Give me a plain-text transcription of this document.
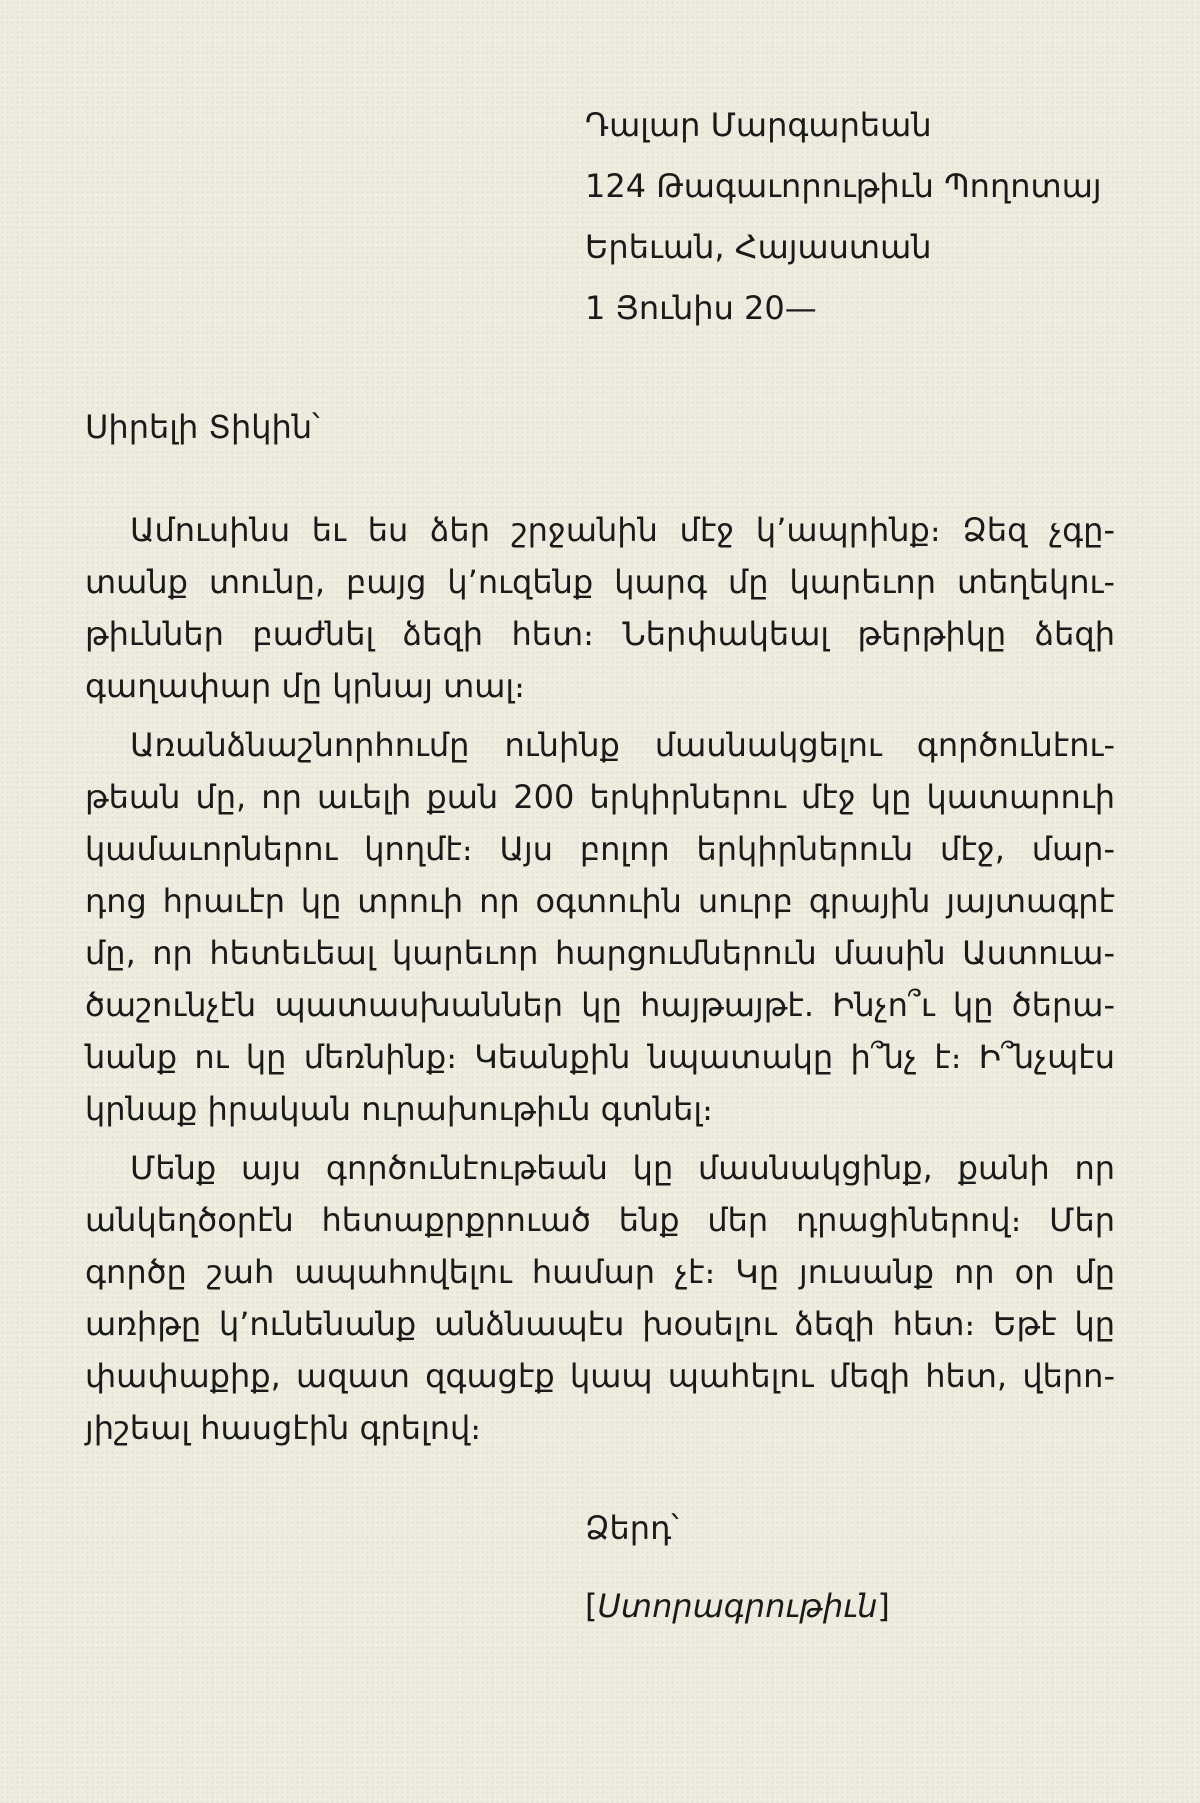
Դալար Մարգարեան
124 Թագաւորութիւն Պողոտայ
Երեւան, Հայաստան
1 Յունիս 20—
Սիրելի Տիկին՝
Ամուսինս եւ ես ձեր շրջանին մէջ կ’ապրինք։ Ձեզ չգը-
տանք տունը, բայց կ’ուզենք կարգ մը կարեւոր տեղեկու-
թիւններ բաժնել ձեզի հետ։ Ներփակեալ թերթիկը ձեզի
գաղափար մը կրնայ տալ։
Առանձնաշնորհումը ունինք մասնակցելու գործունէու-
թեան մը, որ աւելի քան 200 երկիրներու մէջ կը կատարուի
կամաւորներու կողմէ։ Այս բոլոր երկիրներուն մէջ, մար-
դոց հրաւէր կը տրուի որ օգտուին սուրբ գրային յայտագրէ
մը, որ հետեւեալ կարեւոր հարցումներուն մասին Աստուա-
ծաշունչէն պատասխաններ կը հայթայթէ. Ինչո՞ւ կը ծերա-
նանք ու կը մեռնինք։ Կեանքին նպատակը ի՞նչ է։ Ի՞նչպէս
կրնաք իրական ուրախութիւն գտնել։
Մենք այս գործունէութեան կը մասնակցինք, քանի որ
անկեղծօրէն հետաքրքրուած ենք մեր դրացիներով։ Մեր
գործը շահ ապահովելու համար չէ։ Կը յուսանք որ օր մը
առիթը կ’ունենանք անձնապէս խօսելու ձեզի հետ։ Եթէ կը
փափաքիք, ազատ զգացէք կապ պահելու մեզի հետ, վերո-
յիշեալ հասցէին գրելով։
Ձերդ՝
[Ստորագրութիւն]
